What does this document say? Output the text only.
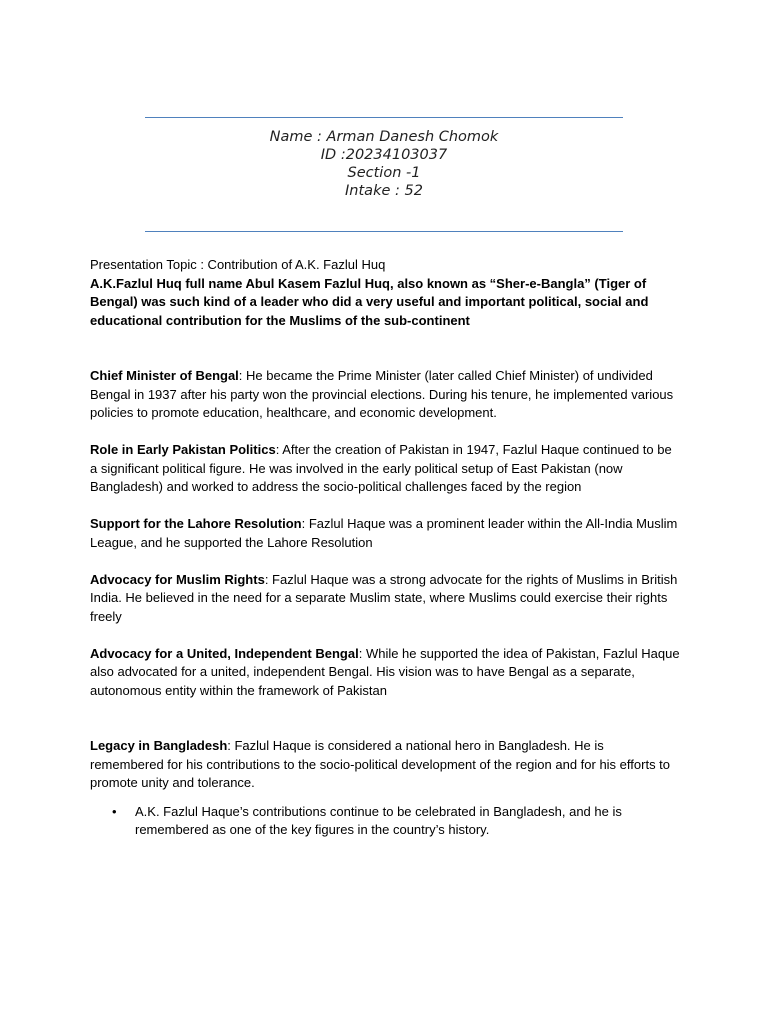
Name : Arman Danesh Chomok
ID :20234103037
Section -1
Intake : 52

Presentation Topic : Contribution of A.K. Fazlul Huq

A.K.Fazlul Huq full name Abul Kasem Fazlul Huq, also known as “Sher-e-Bangla” (Tiger of Bengal) was such kind of a leader who did a very useful and important political, social and educational contribution for the Muslims of the sub-continent

Chief Minister of Bengal: He became the Prime Minister (later called Chief Minister) of undivided Bengal in 1937 after his party won the provincial elections. During his tenure, he implemented various policies to promote education, healthcare, and economic development.

Role in Early Pakistan Politics: After the creation of Pakistan in 1947, Fazlul Haque continued to be a significant political figure. He was involved in the early political setup of East Pakistan (now Bangladesh) and worked to address the socio-political challenges faced by the region

Support for the Lahore Resolution: Fazlul Haque was a prominent leader within the All-India Muslim League, and he supported the Lahore Resolution

Advocacy for Muslim Rights: Fazlul Haque was a strong advocate for the rights of Muslims in British India. He believed in the need for a separate Muslim state, where Muslims could exercise their rights freely

Advocacy for a United, Independent Bengal: While he supported the idea of Pakistan, Fazlul Haque also advocated for a united, independent Bengal. His vision was to have Bengal as a separate, autonomous entity within the framework of Pakistan

Legacy in Bangladesh: Fazlul Haque is considered a national hero in Bangladesh. He is remembered for his contributions to the socio-political development of the region and for his efforts to promote unity and tolerance.

• A.K. Fazlul Haque’s contributions continue to be celebrated in Bangladesh, and he is remembered as one of the key figures in the country’s history.
